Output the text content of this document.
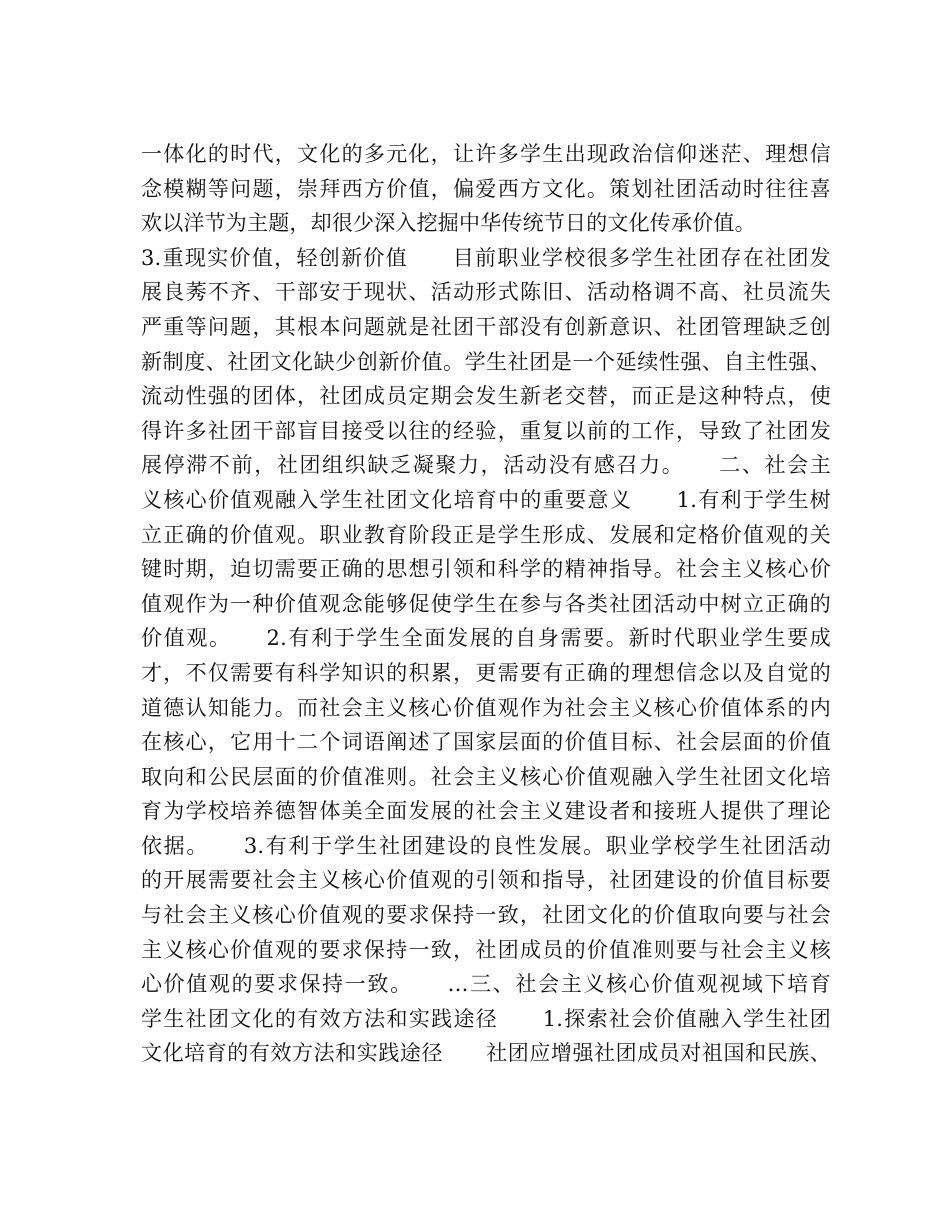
一体化的时代，文化的多元化，让许多学生出现政治信仰迷茫、理想信
念模糊等问题，崇拜西方价值，偏爱西方文化。策划社团活动时往往喜
欢以洋节为主题，却很少深入挖掘中华传统节日的文化传承价值。
3.重现实价值，轻创新价值　　目前职业学校很多学生社团存在社团发
展良莠不齐、干部安于现状、活动形式陈旧、活动格调不高、社员流失
严重等问题，其根本问题就是社团干部没有创新意识、社团管理缺乏创
新制度、社团文化缺少创新价值。学生社团是一个延续性强、自主性强、
流动性强的团体，社团成员定期会发生新老交替，而正是这种特点，使
得许多社团干部盲目接受以往的经验，重复以前的工作，导致了社团发
展停滞不前，社团组织缺乏凝聚力，活动没有感召力。　　二、社会主
义核心价值观融入学生社团文化培育中的重要意义　　1.有利于学生树
立正确的价值观。职业教育阶段正是学生形成、发展和定格价值观的关
键时期，迫切需要正确的思想引领和科学的精神指导。社会主义核心价
值观作为一种价值观念能够促使学生在参与各类社团活动中树立正确的
价值观。　　2.有利于学生全面发展的自身需要。新时代职业学生要成
才，不仅需要有科学知识的积累，更需要有正确的理想信念以及自觉的
道德认知能力。而社会主义核心价值观作为社会主义核心价值体系的内
在核心，它用十二个词语阐述了国家层面的价值目标、社会层面的价值
取向和公民层面的价值准则。社会主义核心价值观融入学生社团文化培
育为学校培养德智体美全面发展的社会主义建设者和接班人提供了理论
依据。　　3.有利于学生社团建设的良性发展。职业学校学生社团活动
的开展需要社会主义核心价值观的引领和指导，社团建设的价值目标要
与社会主义核心价值观的要求保持一致，社团文化的价值取向要与社会
主义核心价值观的要求保持一致，社团成员的价值准则要与社会主义核
心价值观的要求保持一致。　　…三、社会主义核心价值观视域下培育
学生社团文化的有效方法和实践途径　　1.探索社会价值融入学生社团
文化培育的有效方法和实践途径　　社团应增强社团成员对祖国和民族、
